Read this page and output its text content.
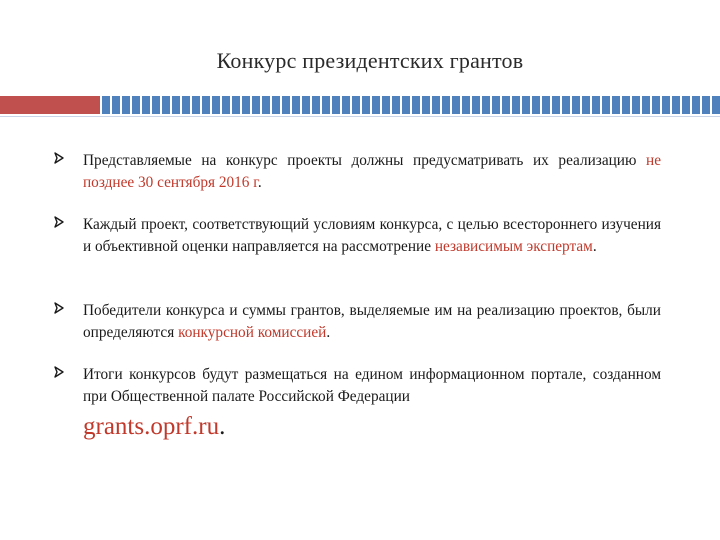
Конкурс президентских грантов
Представляемые на конкурс проекты должны предусматривать их реализацию не позднее 30 сентября 2016 г.
Каждый проект, соответствующий условиям конкурса, с целью всестороннего изучения и объективной оценки направляется на рассмотрение независимым экспертам.
Победители конкурса и суммы грантов, выделяемые им на реализацию проектов, были определяются конкурсной комиссией.
Итоги конкурсов будут размещаться на едином информационном портале, созданном при Общественной палате Российской Федерации
grants.oprf.ru.
